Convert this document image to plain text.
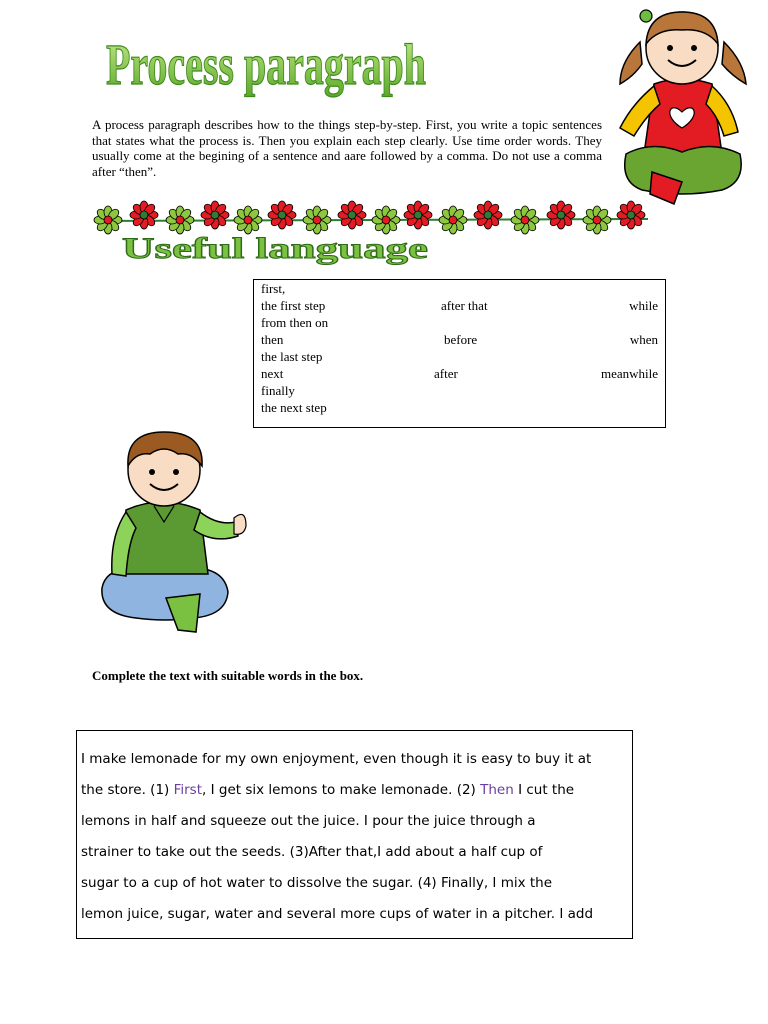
Process paragraph
A process paragraph describes how to the things step-by-step. First, you write a topic sentences that states what the process is. Then you explain each step clearly. Use time order words. They usually come at the begining of a sentence and aare followed by a comma. Do not use a comma after “then”.
Useful language
first,
the first step
from then on
then
the last step
next
finally
the next step
after that
before
after
while
when
meanwhile
Complete the text with suitable words in the box.
I make lemonade for my own enjoyment, even though it is easy to buy it at
the store. (1) First, I get six lemons to make lemonade. (2) Then I cut the
lemons in half and squeeze out the juice. I pour the juice through a
strainer to take out the seeds. (3)After that,I add about a half cup of
sugar to a cup of hot water to dissolve the sugar. (4) Finally, I mix the
lemon juice, sugar, water and several more cups of water in a pitcher. I add
